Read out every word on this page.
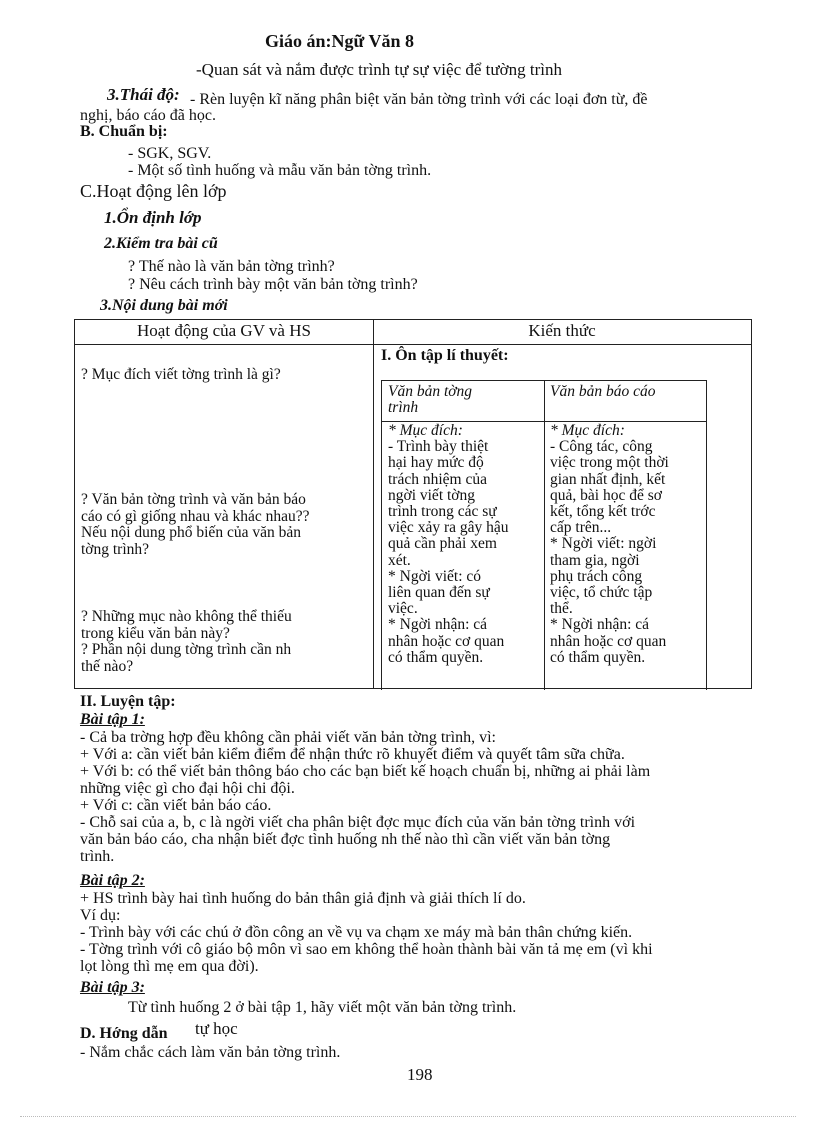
Giáo án:Ngữ Văn 8
-Quan sát và nắm được trình tự sự việc để tường trình
3.Thái độ: - Rèn luyện kĩ năng phân biệt văn bản tờng trình với các loại đơn từ, đề
nghị, báo cáo đã học.
B. Chuẩn bị:
- SGK, SGV.
- Một số tình huống và mẫu văn bản tờng trình.
C.Hoạt động lên lớp
1.Ổn định lớp
2.Kiểm tra bài cũ
? Thế nào là văn bản tờng trình?
? Nêu cách trình bày một văn bản tờng trình?
3.Nội dung bài mới
Hoạt động của GV và HS	Kiến thức
I. Ôn tập lí thuyết:
? Mục đích viết tờng trình là gì?
? Văn bản tờng trình và văn bản báo
cáo có gì giống nhau và khác nhau??
Nếu nội dung phổ biến của văn bản
tờng trình?
? Những mục nào không thể thiếu
trong kiểu văn bản này?
? Phần nội dung tờng trình cần nh
thế nào?
Văn bản tờng
trình
Văn bản báo cáo
* Mục đích:
- Trình bày thiệt
hại hay mức độ
trách nhiệm của
ngời viết tờng
trình trong các sự
việc xảy ra gây hậu
quả cần phải xem
xét.
* Ngời viết: có
liên quan đến sự
việc.
* Ngời nhận: cá
nhân hoặc cơ quan
có thẩm quyền.
* Mục đích:
- Công tác, công
việc trong một thời
gian nhất định, kết
quả, bài học để sơ
kết, tổng kết trớc
cấp trên...
* Ngời viết: ngời
tham gia, ngời
phụ trách công
việc, tổ chức tập
thể.
* Ngời nhận: cá
nhân hoặc cơ quan
có thẩm quyền.
II. Luyện tập:
Bài tập 1:
- Cả ba trờng hợp đều không cần phải viết văn bản tờng trình, vì:
+ Với a: cần viết bản kiểm điểm để nhận thức rõ khuyết điểm và quyết tâm sữa chữa.
+ Với b: có thể viết bản thông báo cho các bạn biết kế hoạch chuẩn bị, những ai phải làm
những việc gì cho đại hội chi đội.
+ Với c: cần viết bản báo cáo.
- Chỗ sai của a, b, c là ngời viết cha phân biệt đợc mục đích của văn bản tờng trình với
văn bản báo cáo, cha nhận biết đợc tình huống nh thế nào thì cần viết văn bản tờng
trình.
Bài tập 2:
+ HS trình bày hai tình huống do bản thân giả định và giải thích lí do.
Ví dụ:
- Trình bày với các chú ở đồn công an về vụ va chạm xe máy mà bản thân chứng kiến.
- Tờng trình với cô giáo bộ môn vì sao em không thể hoàn thành bài văn tả mẹ em (vì khi
lọt lòng thì mẹ em qua đời).
Bài tập 3:
Từ tình huống 2 ở bài tập 1, hãy viết một văn bản tờng trình.
D. Hớng dẫn tự học
- Nắm chắc cách làm văn bản tờng trình.
198
